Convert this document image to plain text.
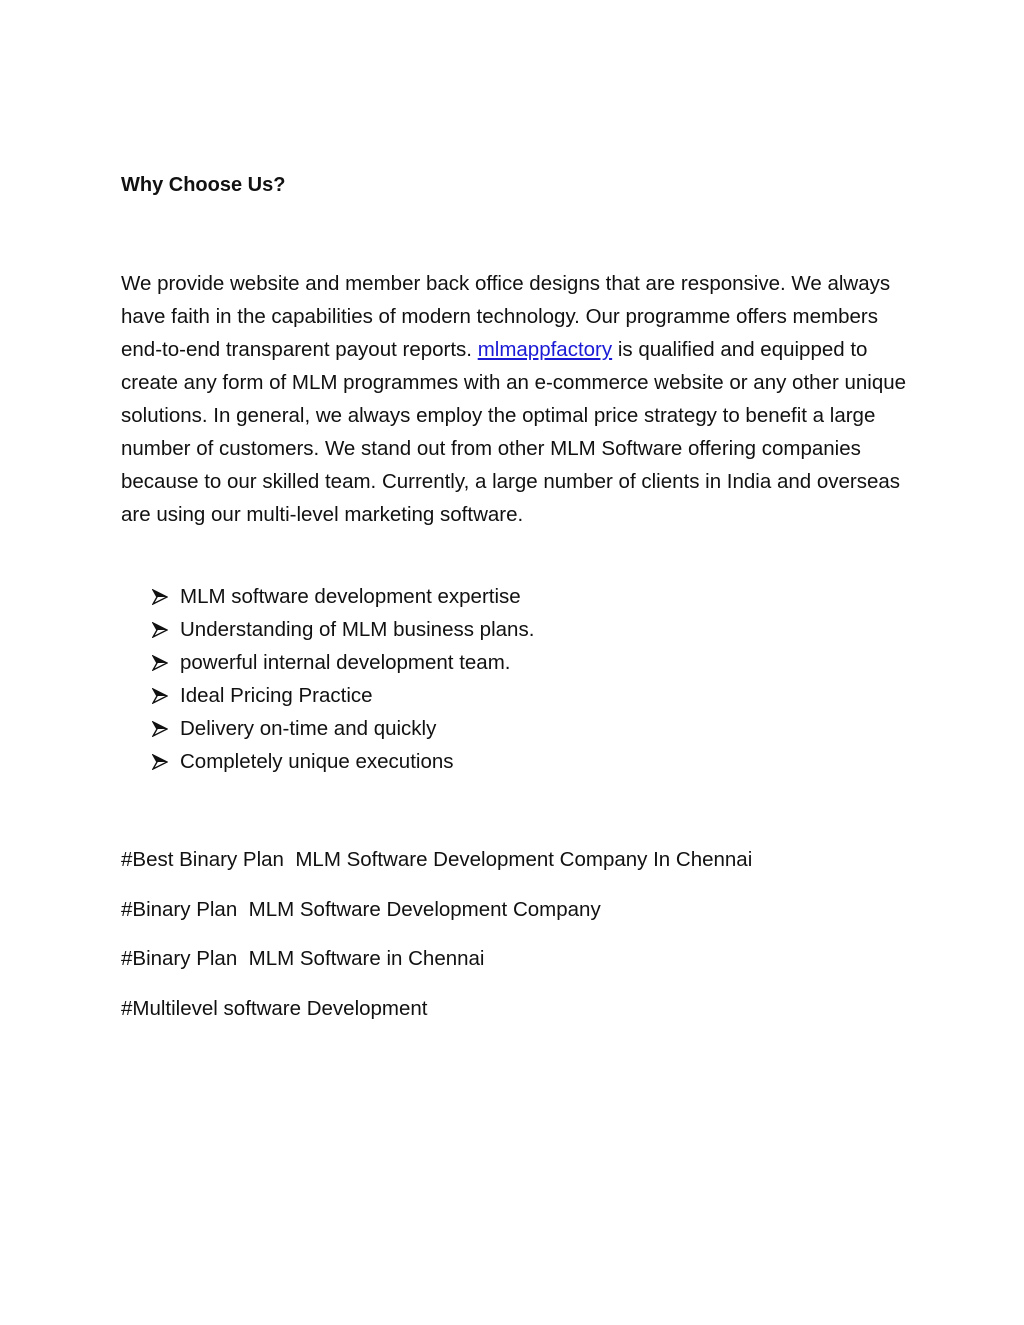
Why Choose Us?

We provide website and member back office designs that are responsive. We always have faith in the capabilities of modern technology. Our programme offers members end-to-end transparent payout reports. mlmappfactory is qualified and equipped to create any form of MLM programmes with an e-commerce website or any other unique solutions. In general, we always employ the optimal price strategy to benefit a large number of customers. We stand out from other MLM Software offering companies because to our skilled team. Currently, a large number of clients in India and overseas are using our multi-level marketing software.

MLM software development expertise
Understanding of MLM business plans.
powerful internal development team.
Ideal Pricing Practice
Delivery on-time and quickly
Completely unique executions
#Best Binary Plan  MLM Software Development Company In Chennai
#Binary Plan  MLM Software Development Company
#Binary Plan  MLM Software in Chennai
#Multilevel software Development
